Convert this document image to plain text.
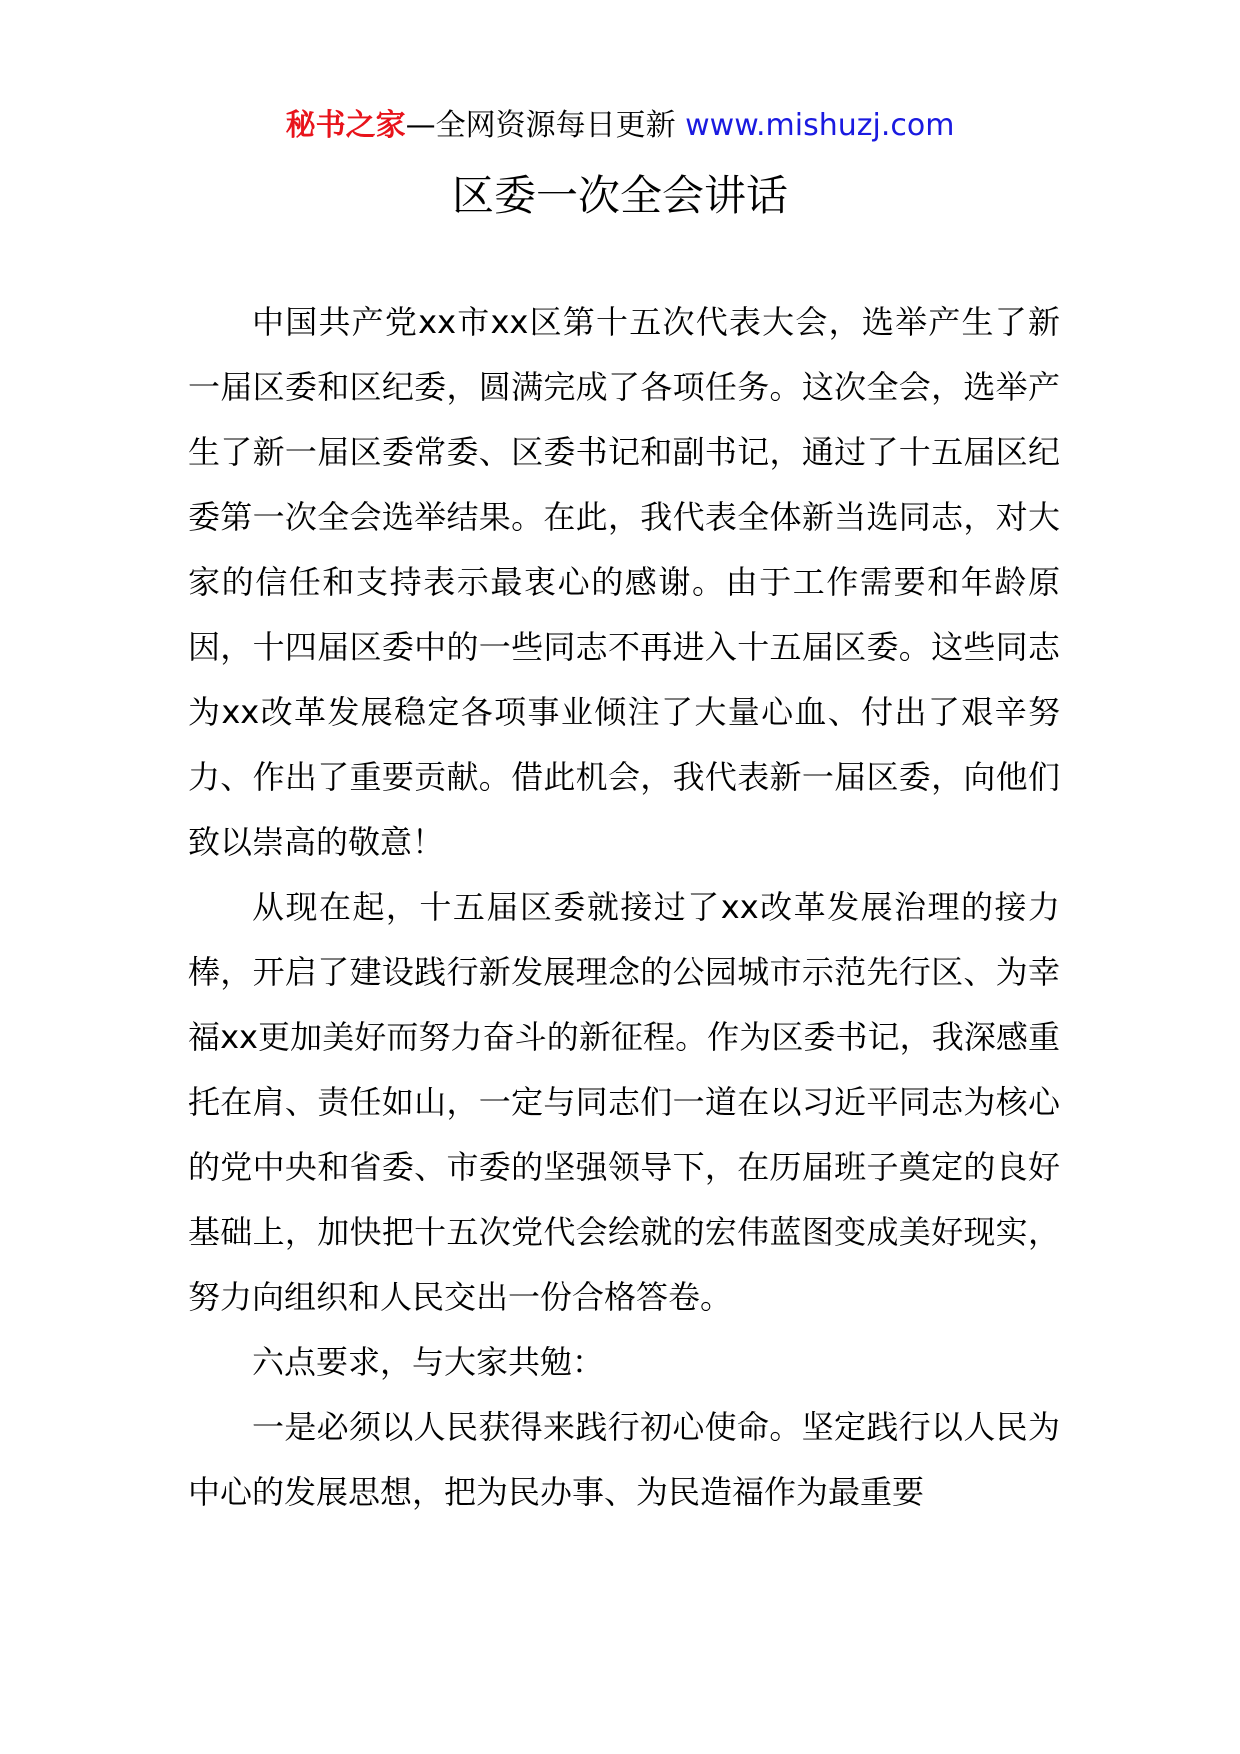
秘书之家—全网资源每日更新 www.mishuzj.com
区委一次全会讲话

中国共产党xx市xx区第十五次代表大会，选举产生了新一届区委和区纪委，圆满完成了各项任务。这次全会，选举产生了新一届区委常委、区委书记和副书记，通过了十五届区纪委第一次全会选举结果。在此，我代表全体新当选同志，对大家的信任和支持表示最衷心的感谢。由于工作需要和年龄原因，十四届区委中的一些同志不再进入十五届区委。这些同志为xx改革发展稳定各项事业倾注了大量心血、付出了艰辛努力、作出了重要贡献。借此机会，我代表新一届区委，向他们致以崇高的敬意！

从现在起，十五届区委就接过了xx改革发展治理的接力棒，开启了建设践行新发展理念的公园城市示范先行区、为幸福xx更加美好而努力奋斗的新征程。作为区委书记，我深感重托在肩、责任如山，一定与同志们一道在以习近平同志为核心的党中央和省委、市委的坚强领导下，在历届班子奠定的良好基础上，加快把十五次党代会绘就的宏伟蓝图变成美好现实，努力向组织和人民交出一份合格答卷。

六点要求，与大家共勉：

一是必须以人民获得来践行初心使命。坚定践行以人民为中心的发展思想，把为民办事、为民造福作为最重要
